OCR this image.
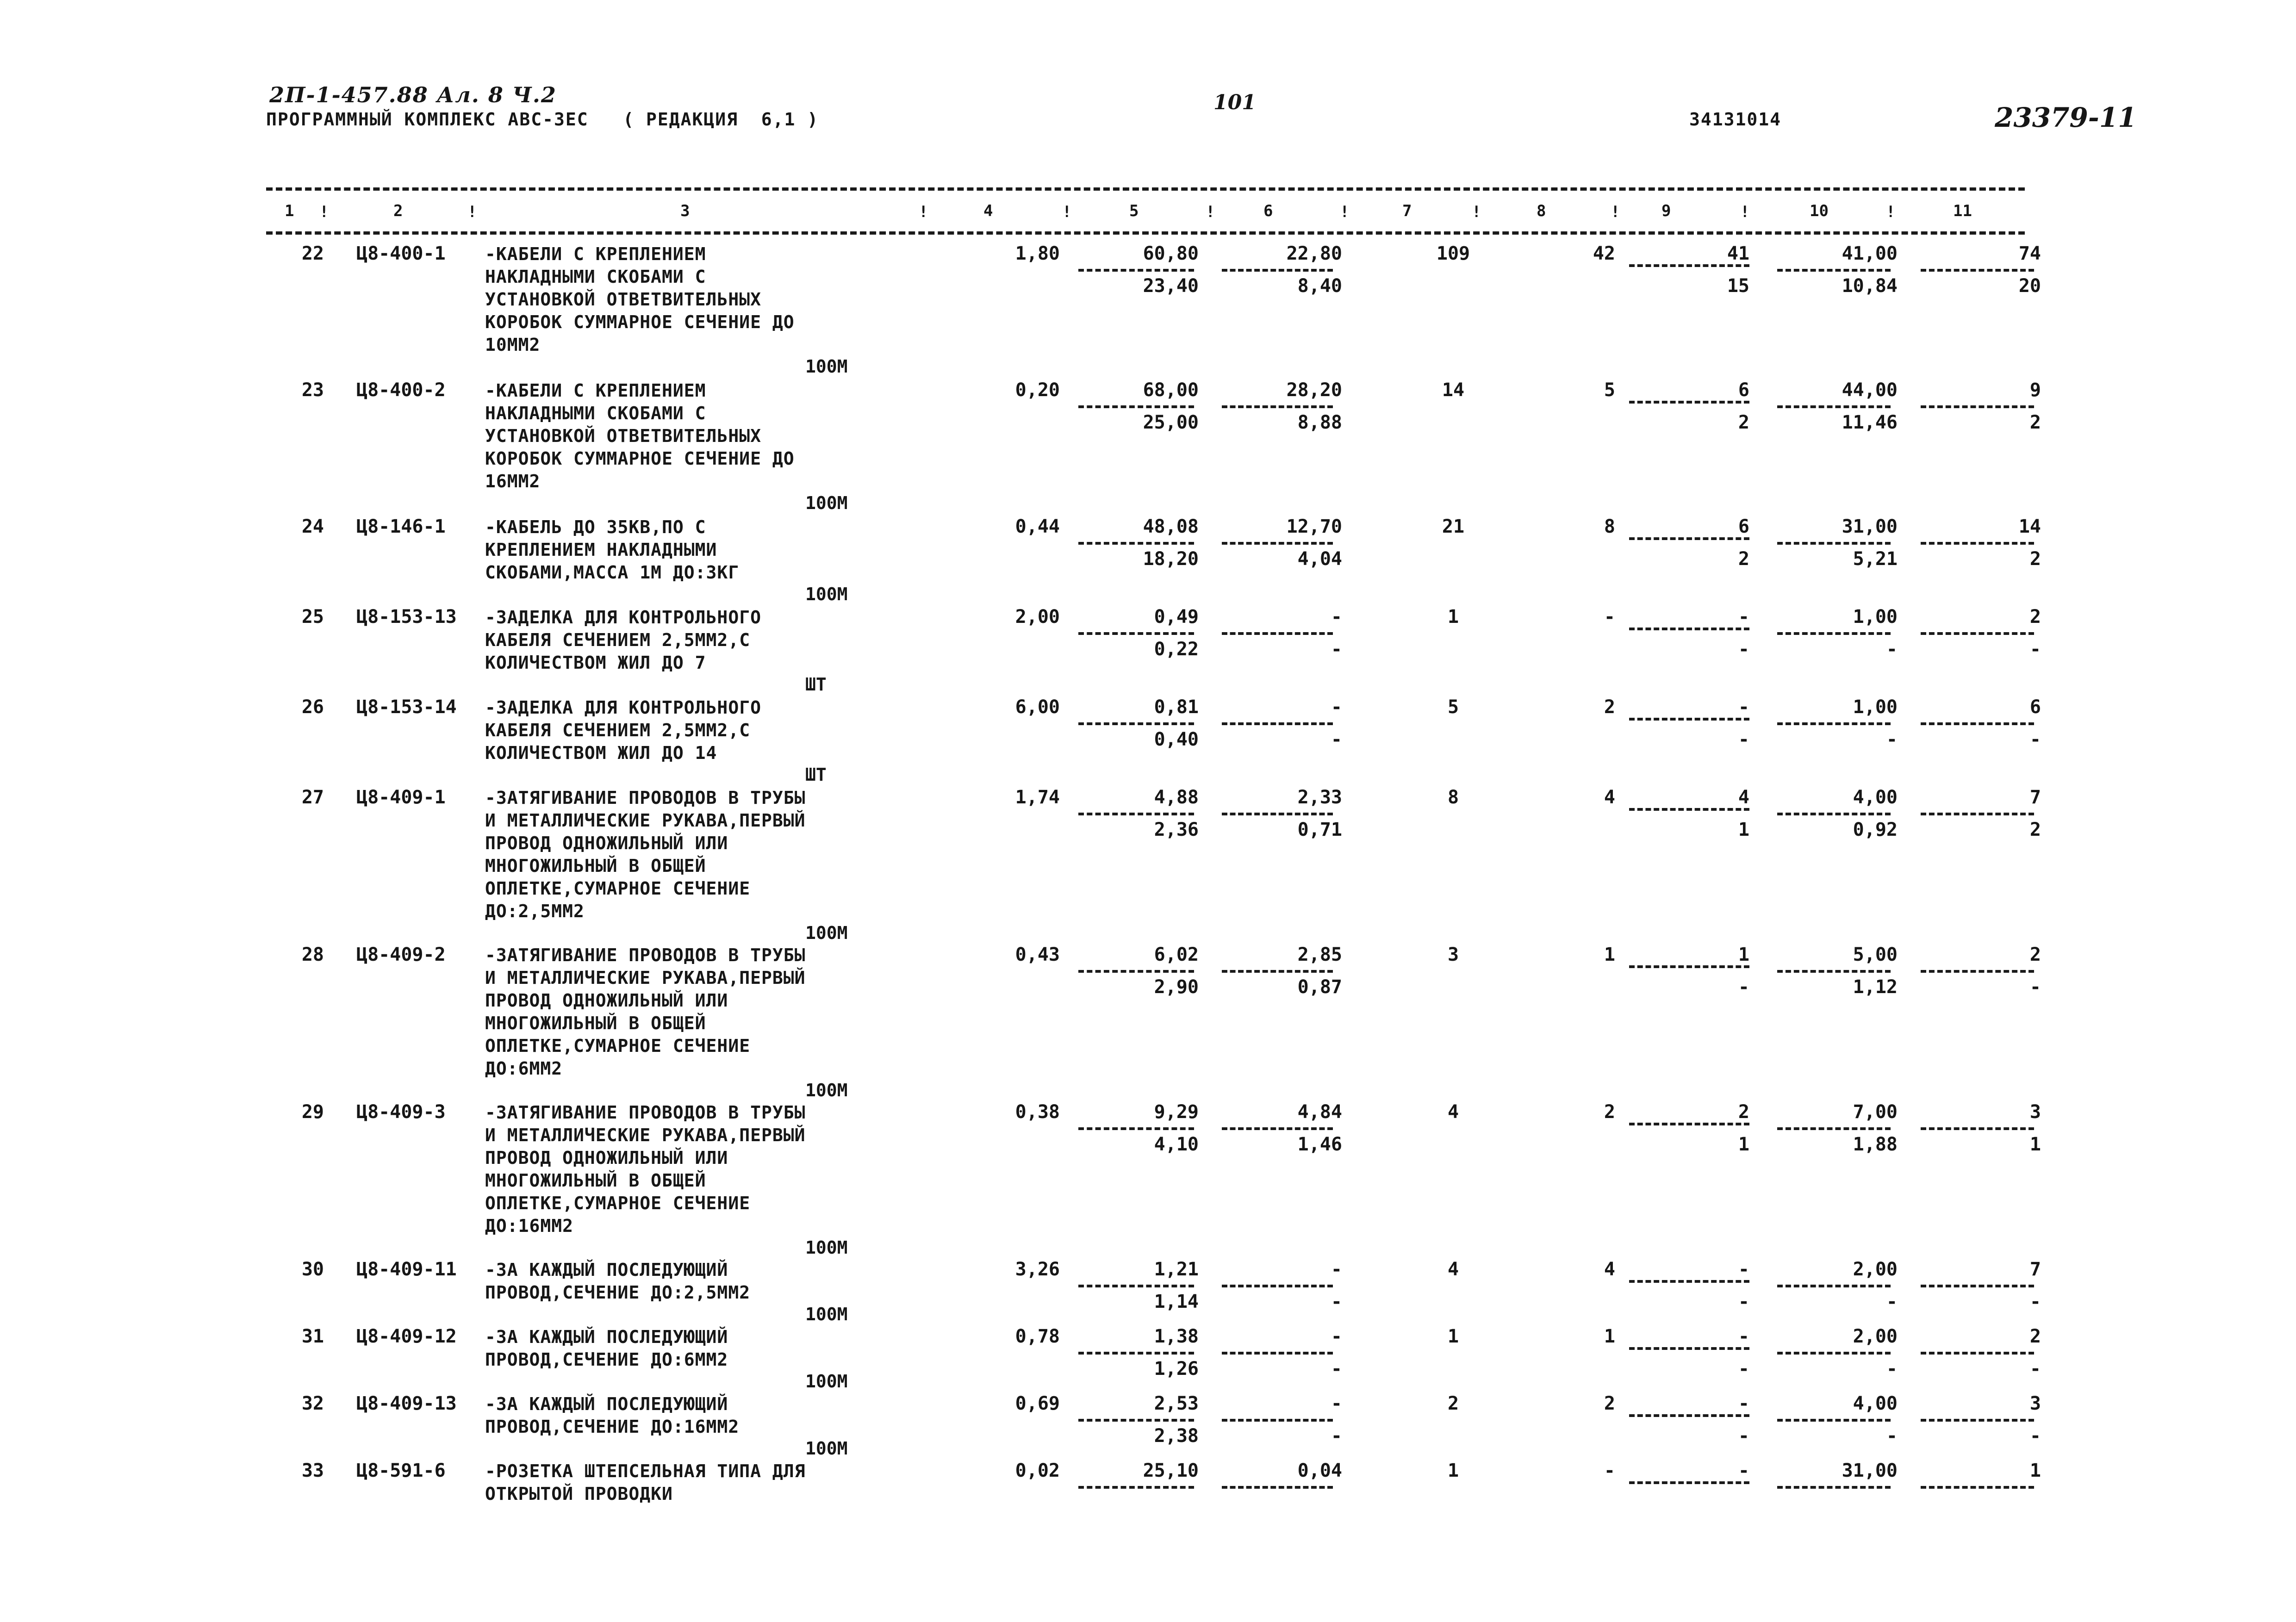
2П-1-457.88 Ал. 8 Ч.2
ПРОГРАММНЫЙ КОМПЛЕКС АВС-ЗЕС   ( РЕДАКЦИЯ  6,1 )
101
34131014	23379-11
1	2	3	4	5	6	7	8	9	10	11
!	!	!	!	!	!	!	!	!	!
22 Ц8-400-1 -КАБЕЛИ С КРЕПЛЕНИЕМ
НАКЛАДНЫМИ СКОБАМИ С
УСТАНОВКОЙ ОТВЕТВИТЕЛЬНЫХ
КОРОБОК СУММАРНОЕ СЕЧЕНИЕ ДО
10ММ2
100М
1,80	60,80	22,80	109	42	41	41,00	74
23,40	8,40	15	10,84	20
23 Ц8-400-2 -КАБЕЛИ С КРЕПЛЕНИЕМ
НАКЛАДНЫМИ СКОБАМИ С
УСТАНОВКОЙ ОТВЕТВИТЕЛЬНЫХ
КОРОБОК СУММАРНОЕ СЕЧЕНИЕ ДО
16ММ2
100М
0,20	68,00	28,20	14	5	6	44,00	9
25,00	8,88	2	11,46	2
24 Ц8-146-1 -КАБЕЛЬ ДО 35КВ,ПО С
КРЕПЛЕНИЕМ НАКЛАДНЫМИ
СКОБАМИ,МАССА 1М ДО:3КГ
100М
0,44	48,08	12,70	21	8	6	31,00	14
18,20	4,04	2	5,21	2
25 Ц8-153-13 -ЗАДЕЛКА ДЛЯ КОНТРОЛЬНОГО
КАБЕЛЯ СЕЧЕНИЕМ 2,5ММ2,С
КОЛИЧЕСТВОМ ЖИЛ ДО 7
ШТ
2,00	0,49	-	1	-	-	1,00	2
0,22	-	-	-	-
26 Ц8-153-14 -ЗАДЕЛКА ДЛЯ КОНТРОЛЬНОГО
КАБЕЛЯ СЕЧЕНИЕМ 2,5ММ2,С
КОЛИЧЕСТВОМ ЖИЛ ДО 14
ШТ
6,00	0,81	-	5	2	-	1,00	6
0,40	-	-	-	-
27 Ц8-409-1 -ЗАТЯГИВАНИЕ ПРОВОДОВ В ТРУБЫ
И МЕТАЛЛИЧЕСКИЕ РУКАВА,ПЕРВЫЙ
ПРОВОД ОДНОЖИЛЬНЫЙ ИЛИ
МНОГОЖИЛЬНЫЙ В ОБЩЕЙ
ОПЛЕТКЕ,СУМАРНОЕ СЕЧЕНИЕ
ДО:2,5ММ2
100М
1,74	4,88	2,33	8	4	4	4,00	7
2,36	0,71	1	0,92	2
28 Ц8-409-2 -ЗАТЯГИВАНИЕ ПРОВОДОВ В ТРУБЫ
И МЕТАЛЛИЧЕСКИЕ РУКАВА,ПЕРВЫЙ
ПРОВОД ОДНОЖИЛЬНЫЙ ИЛИ
МНОГОЖИЛЬНЫЙ В ОБЩЕЙ
ОПЛЕТКЕ,СУМАРНОЕ СЕЧЕНИЕ
ДО:6ММ2
100М
0,43	6,02	2,85	3	1	1	5,00	2
2,90	0,87	-	1,12	-
29 Ц8-409-3 -ЗАТЯГИВАНИЕ ПРОВОДОВ В ТРУБЫ
И МЕТАЛЛИЧЕСКИЕ РУКАВА,ПЕРВЫЙ
ПРОВОД ОДНОЖИЛЬНЫЙ ИЛИ
МНОГОЖИЛЬНЫЙ В ОБЩЕЙ
ОПЛЕТКЕ,СУМАРНОЕ СЕЧЕНИЕ
ДО:16ММ2
100М
0,38	9,29	4,84	4	2	2	7,00	3
4,10	1,46	1	1,88	1
30 Ц8-409-11 -ЗА КАЖДЫЙ ПОСЛЕДУЮЩИЙ
ПРОВОД,СЕЧЕНИЕ ДО:2,5ММ2
100М
3,26	1,21	-	4	4	-	2,00	7
1,14	-	-	-	-
31 Ц8-409-12 -ЗА КАЖДЫЙ ПОСЛЕДУЮЩИЙ
ПРОВОД,СЕЧЕНИЕ ДО:6ММ2
100М
0,78	1,38	-	1	1	-	2,00	2
1,26	-	-	-	-
32 Ц8-409-13 -ЗА КАЖДЫЙ ПОСЛЕДУЮЩИЙ
ПРОВОД,СЕЧЕНИЕ ДО:16ММ2
100М
0,69	2,53	-	2	2	-	4,00	3
2,38	-	-	-	-
33 Ц8-591-6 -РОЗЕТКА ШТЕПСЕЛЬНАЯ ТИПА ДЛЯ
ОТКРЫТОЙ ПРОВОДКИ
0,02	25,10	0,04	1	-	-	31,00	1
